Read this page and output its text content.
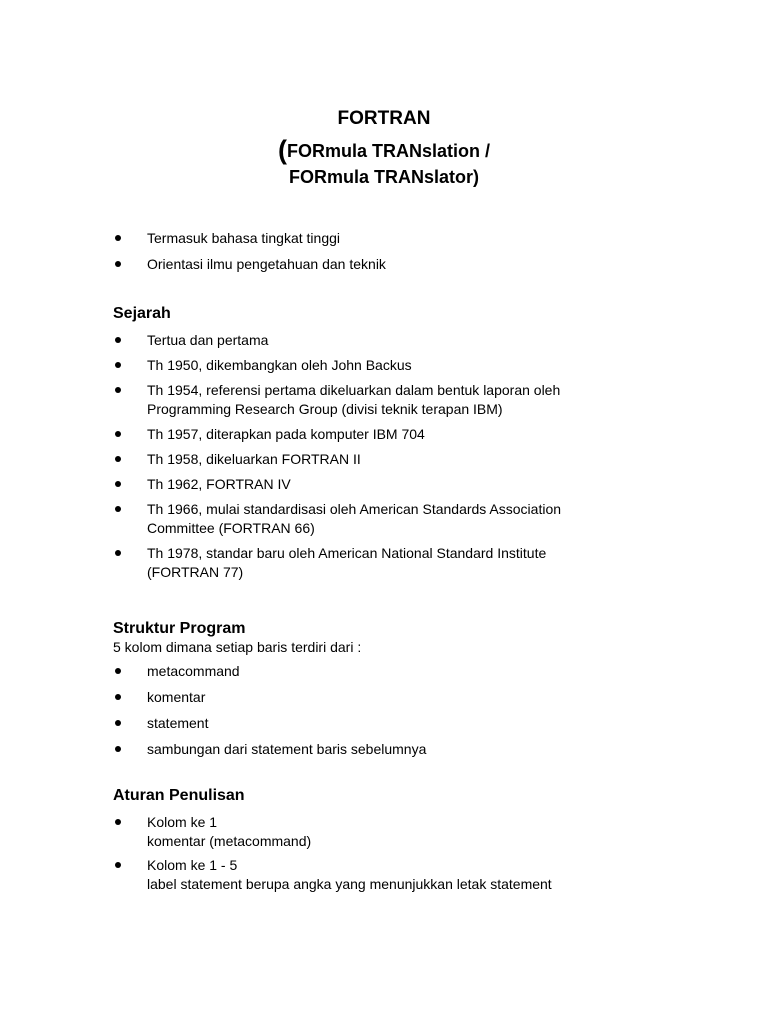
FORTRAN
(FORmula TRANslation /
FORmula TRANslator)
Termasuk bahasa tingkat tinggi
Orientasi ilmu pengetahuan dan teknik
Sejarah
Tertua dan pertama
Th 1950, dikembangkan oleh John Backus
Th 1954, referensi pertama dikeluarkan dalam bentuk laporan oleh
Programming Research Group (divisi teknik terapan IBM)
Th 1957, diterapkan pada komputer IBM 704
Th 1958, dikeluarkan FORTRAN II
Th 1962, FORTRAN IV
Th 1966, mulai standardisasi oleh American Standards Association
Committee (FORTRAN 66)
Th 1978, standar baru oleh American National Standard Institute
(FORTRAN 77)
Struktur Program
5 kolom dimana setiap baris terdiri dari :
metacommand
komentar
statement
sambungan dari statement baris sebelumnya
Aturan Penulisan
Kolom ke 1
komentar (metacommand)
Kolom ke 1 - 5
label statement berupa angka yang menunjukkan letak statement
